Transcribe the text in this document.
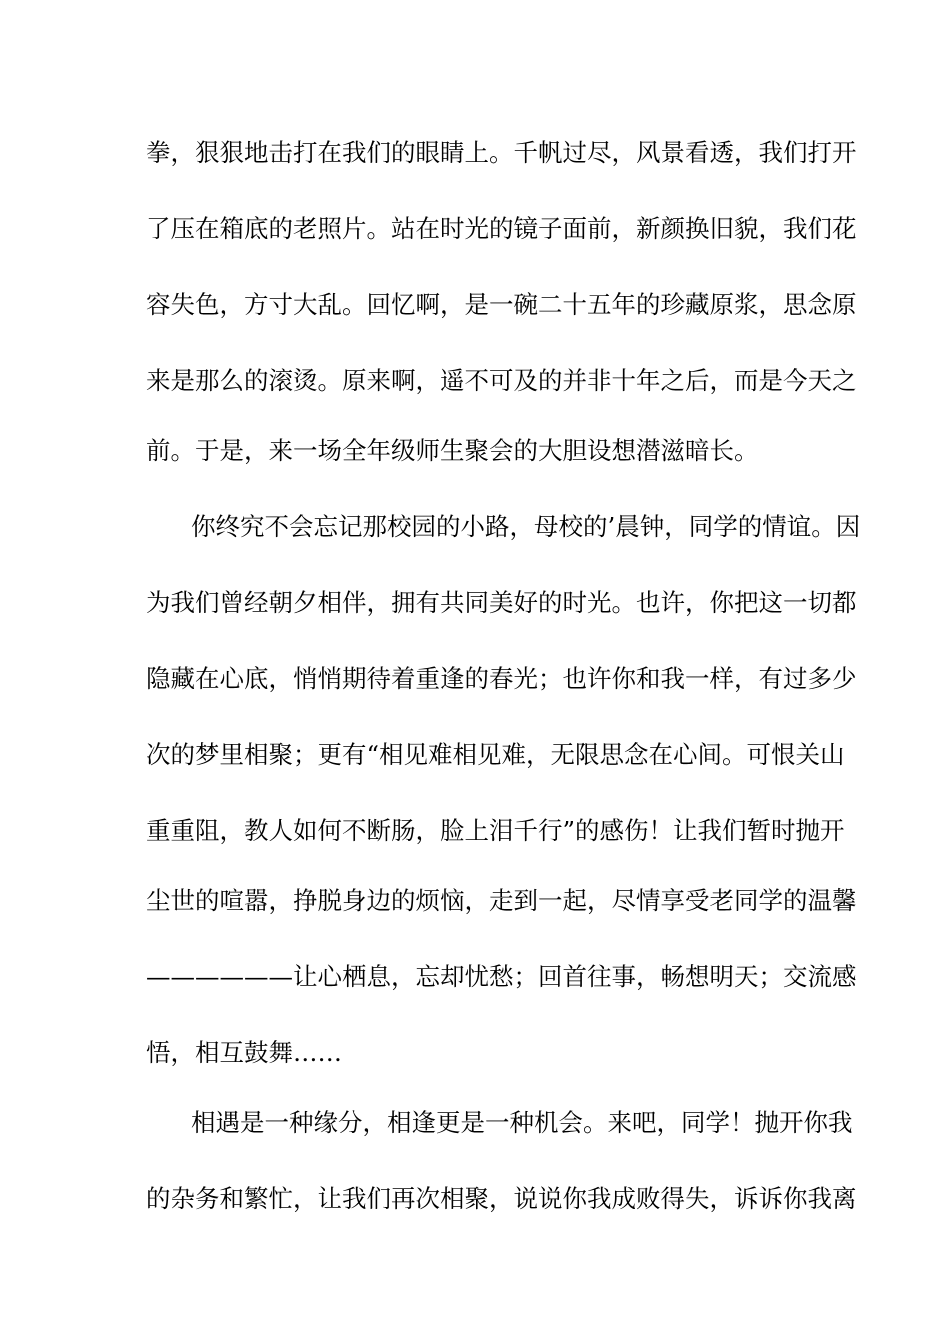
拳，狠狠地击打在我们的眼睛上。千帆过尽，风景看透，我们打开
了压在箱底的老照片。站在时光的镜子面前，新颜换旧貌，我们花
容失色，方寸大乱。回忆啊，是一碗二十五年的珍藏原浆，思念原
来是那么的滚烫。原来啊，遥不可及的并非十年之后，而是今天之
前。于是，来一场全年级师生聚会的大胆设想潜滋暗长。
你终究不会忘记那校园的小路，母校的’晨钟，同学的情谊。因
为我们曾经朝夕相伴，拥有共同美好的时光。也许，你把这一切都
隐藏在心底，悄悄期待着重逢的春光；也许你和我一样，有过多少
次的梦里相聚；更有“相见难相见难，无限思念在心间。可恨关山
重重阻，教人如何不断肠，脸上泪千行”的感伤！让我们暂时抛开
尘世的喧嚣，挣脱身边的烦恼，走到一起，尽情享受老同学的温馨
——————让心栖息，忘却忧愁；回首往事，畅想明天；交流感
悟，相互鼓舞……
相遇是一种缘分，相逢更是一种机会。来吧，同学！抛开你我
的杂务和繁忙，让我们再次相聚，说说你我成败得失，诉诉你我离
